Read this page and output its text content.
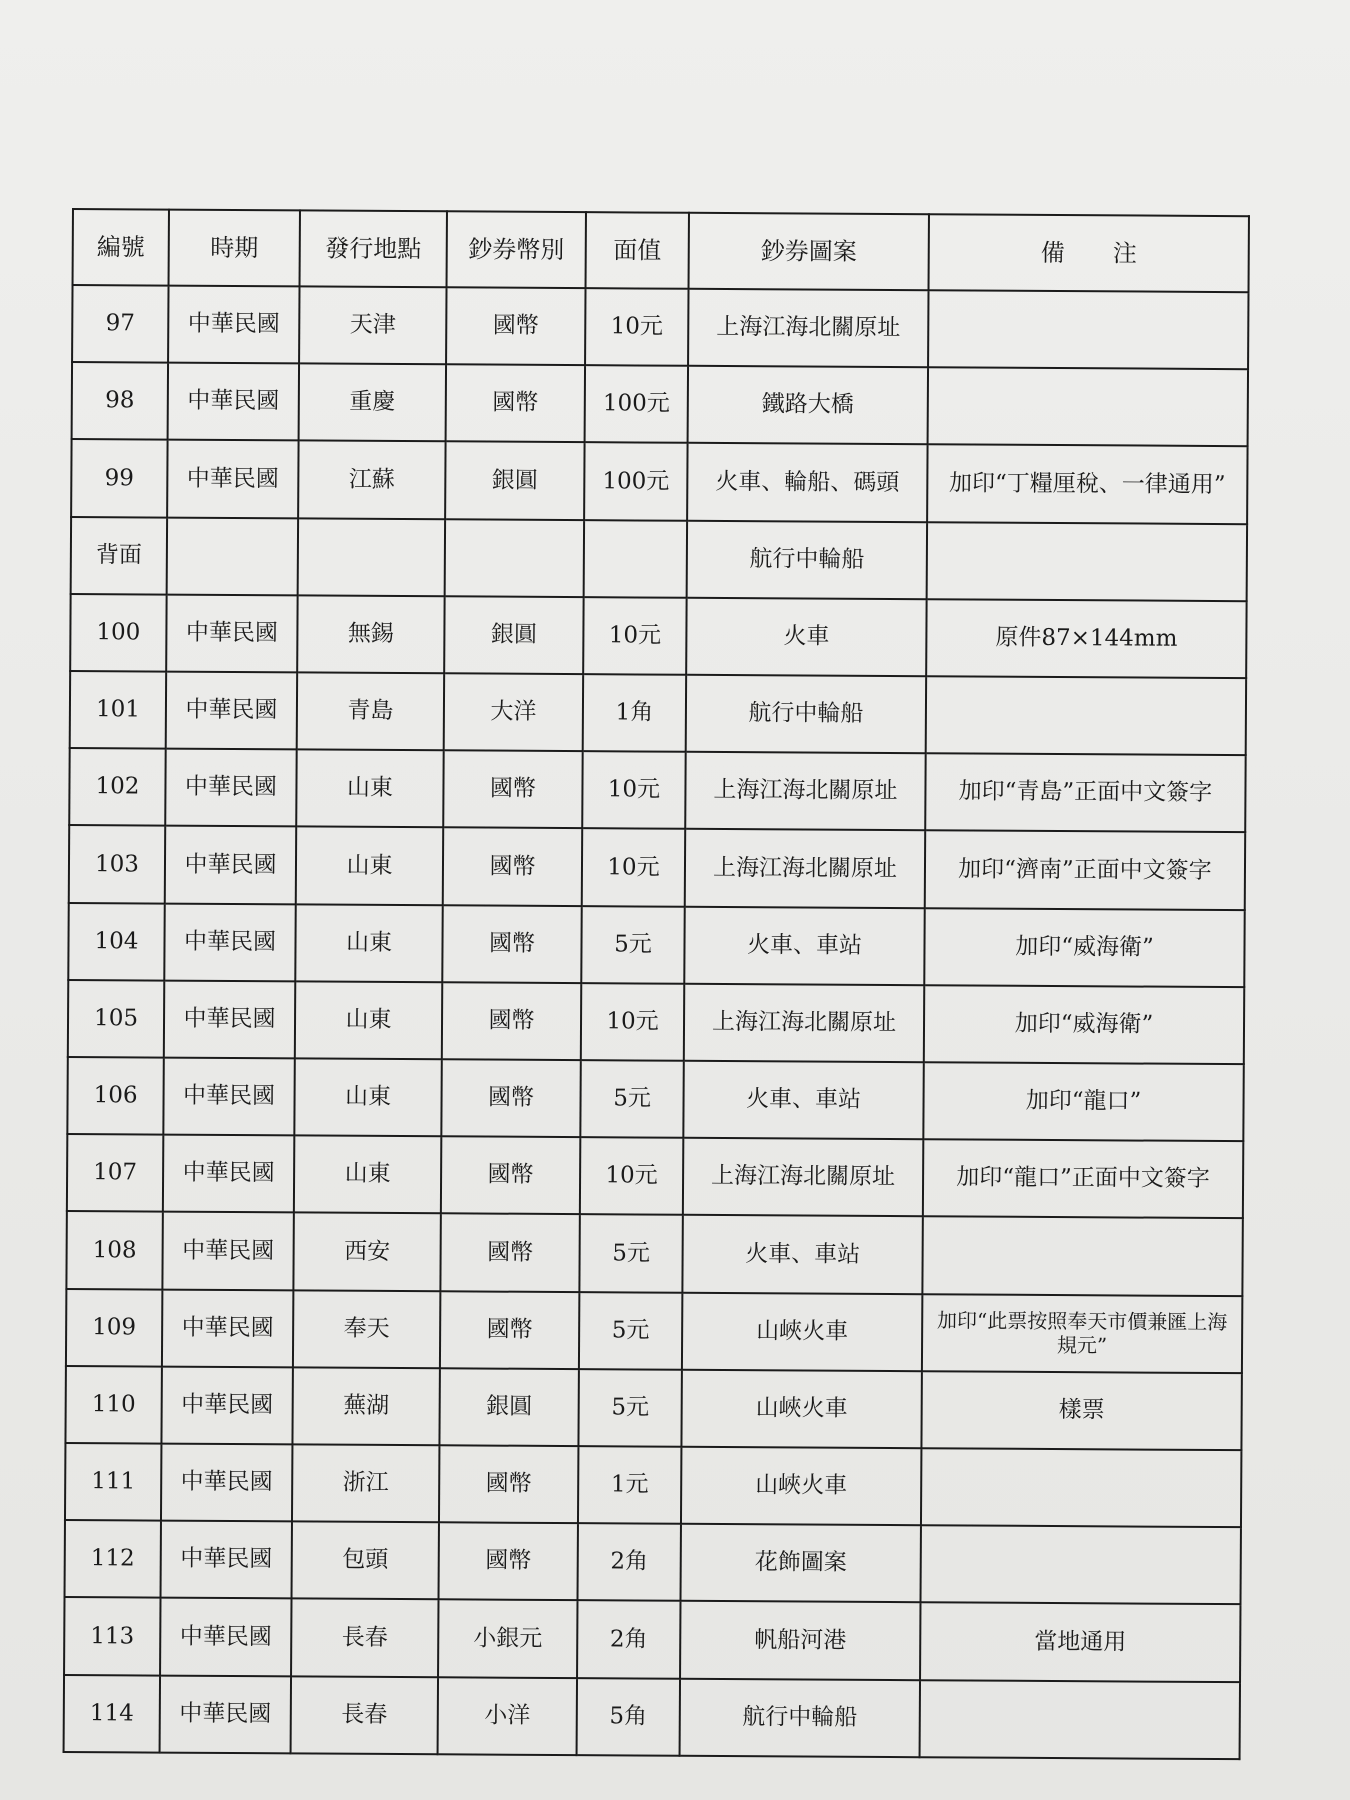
編號	時期	發行地點	鈔券幣別	面值	鈔券圖案	備　　注
97	中華民國	天津	國幣	10元	上海江海北關原址	
98	中華民國	重慶	國幣	100元	鐵路大橋	
99	中華民國	江蘇	銀圓	100元	火車、輪船、碼頭	加印“丁糧厘稅、一律通用”
背面					航行中輪船	
100	中華民國	無錫	銀圓	10元	火車	原件87×144mm
101	中華民國	青島	大洋	1角	航行中輪船	
102	中華民國	山東	國幣	10元	上海江海北關原址	加印“青島”正面中文簽字
103	中華民國	山東	國幣	10元	上海江海北關原址	加印“濟南”正面中文簽字
104	中華民國	山東	國幣	5元	火車、車站	加印“威海衛”
105	中華民國	山東	國幣	10元	上海江海北關原址	加印“威海衛”
106	中華民國	山東	國幣	5元	火車、車站	加印“龍口”
107	中華民國	山東	國幣	10元	上海江海北關原址	加印“龍口”正面中文簽字
108	中華民國	西安	國幣	5元	火車、車站	
109	中華民國	奉天	國幣	5元	山峽火車	加印“此票按照奉天市價兼匯上海規元”
110	中華民國	蕪湖	銀圓	5元	山峽火車	樣票
111	中華民國	浙江	國幣	1元	山峽火車	
112	中華民國	包頭	國幣	2角	花飾圖案	
113	中華民國	長春	小銀元	2角	帆船河港	當地通用
114	中華民國	長春	小洋	5角	航行中輪船	
